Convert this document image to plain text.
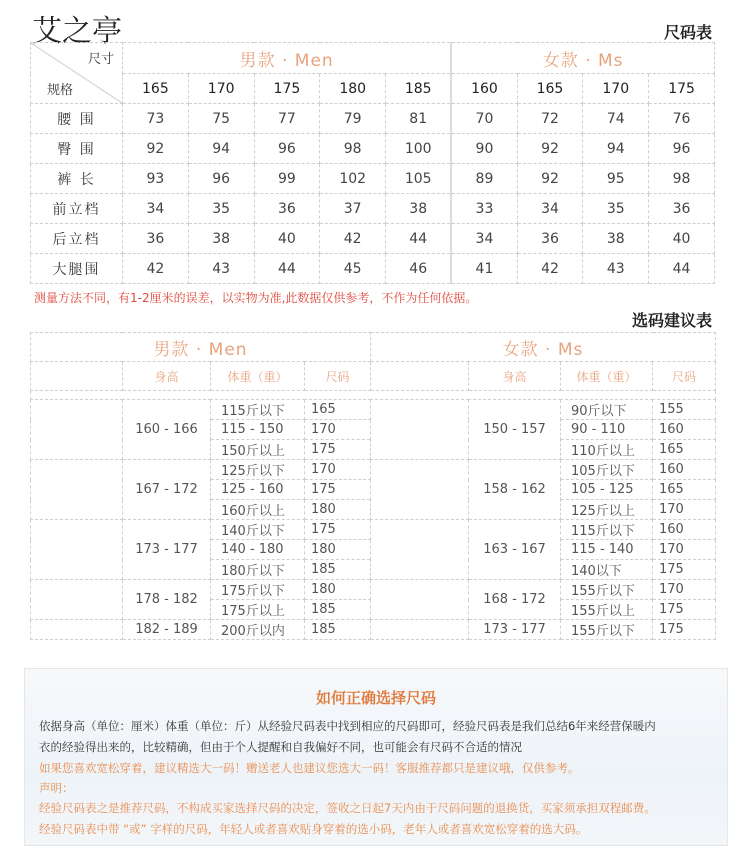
艾之亭	尺码表
尺寸
规格	男款 · Men					女款 · Ms			
	165	170	175	180	185	160	165	170	175
腰 围	73	75	77	79	81	70	72	74	76
臀 围	92	94	96	98	100	90	92	94	96
裤 长	93	96	99	102	105	89	92	95	98
前立档	34	35	36	37	38	33	34	35	36
后立档	36	38	40	42	44	34	36	38	40
大腿围	42	43	44	45	46	41	42	43	44
测量方法不同，有1-2厘米的误差，以实物为准,此数据仅供参考，不作为任何依据。
选码建议表
男款 · Men				女款 · Ms			
	身高	体重（重）	尺码		身高	体重（重）	尺码

	160 - 166	115斤以下	165		150 - 157	90斤以下	155
		115 - 150	170			90 - 110	160
		150斤以上	175			110斤以上	165
	167 - 172	125斤以下	170		158 - 162	105斤以下	160
		125 - 160	175			105 - 125	165
		160斤以上	180			125斤以上	170
	173 - 177	140斤以下	175		163 - 167	115斤以下	160
		140 - 180	180			115 - 140	170
		180斤以下	185			140以下	175
	178 - 182	175斤以下	180		168 - 172	155斤以下	170
		175斤以上	185			155斤以上	175
	182 - 189	200斤以内	185		173 - 177	155斤以下	175
如何正确选择尺码
依据身高（单位：厘米）体重（单位：斤）从经验尺码表中找到相应的尺码即可，经验尺码表是我们总结6年来经营保暖内
衣的经验得出来的，比较精确，但由于个人提醒和自我偏好不同，也可能会有尺码不合适的情况
如果您喜欢宽松穿着，建议精选大一码！赠送老人也建议您选大一码！客服推荐都只是建议哦，仅供参考。
声明：
经验尺码表之是推荐尺码，不构成买家选择尺码的决定，签收之日起7天内由于尺码问题的退换货，买家须承担双程邮费。
经验尺码表中带 “或” 字样的尺码，年轻人或者喜欢贴身穿着的选小码，老年人或者喜欢宽松穿着的选大码。
